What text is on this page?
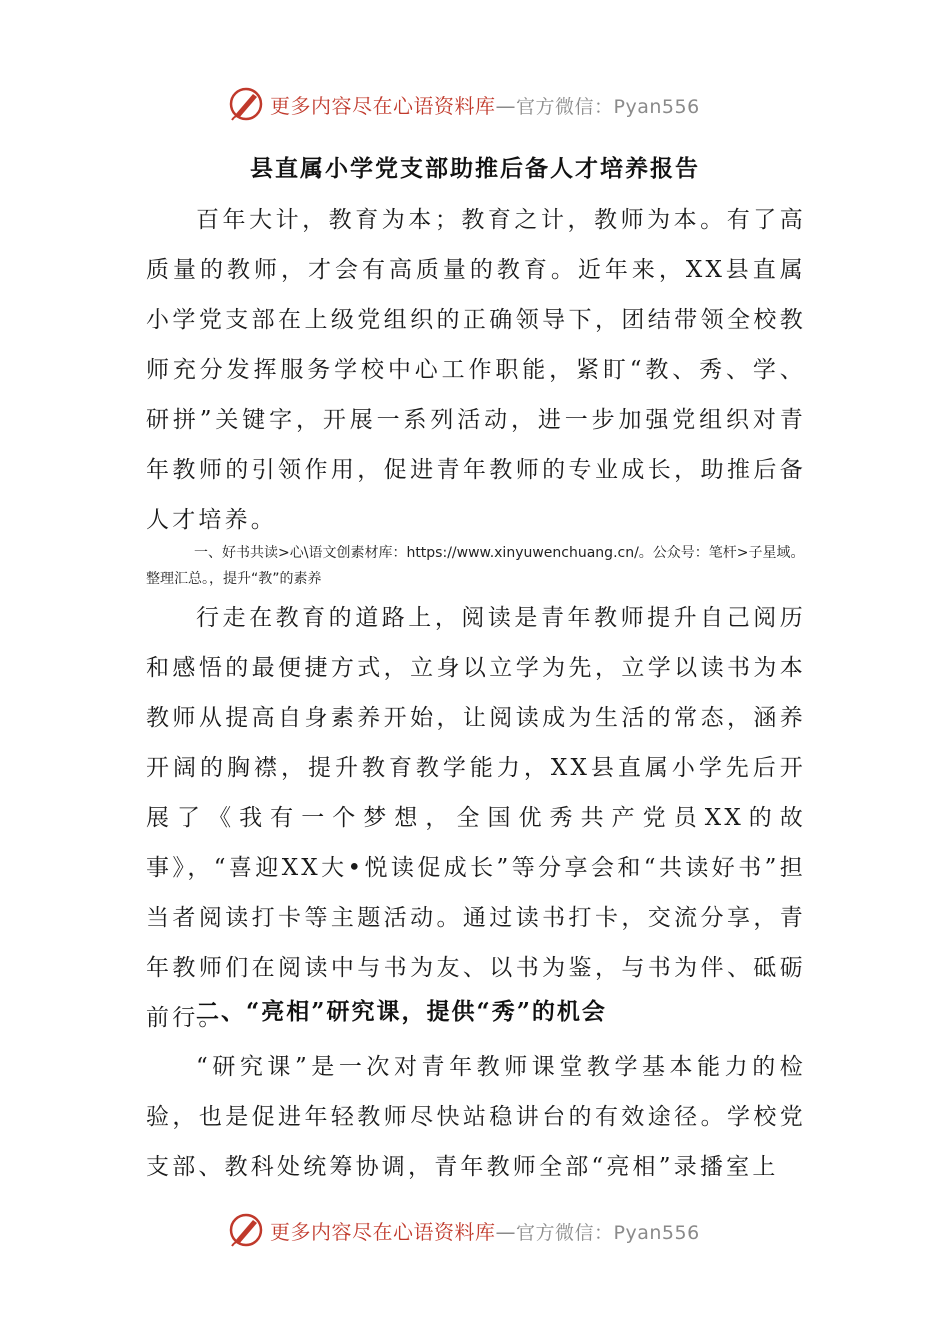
更多内容尽在心语资料库—官方微信：Pyan556
县直属小学党支部助推后备人才培养报告

百年大计，教育为本；教育之计，教师为本。有了高质量的教师，才会有高质量的教育。近年来，XX县直属小学党支部在上级党组织的正确领导下，团结带领全校教师充分发挥服务学校中心工作职能，紧盯“教、秀、学、研拼”关键字，开展一系列活动，进一步加强党组织对青年教师的引领作用，促进青年教师的专业成长，助推后备人才培养。

一、好书共读>心\语文创素材库：https://www.xinyuwenchuang.cn/。公众号：笔杆>子星域。整理汇总。，提升“教”的素养

行走在教育的道路上，阅读是青年教师提升自己阅历和感悟的最便捷方式，立身以立学为先，立学以读书为本教师从提高自身素养开始，让阅读成为生活的常态，涵养开阔的胸襟，提升教育教学能力，XX县直属小学先后开展了《我有一个梦想，全国优秀共产党员XX的故事》，“喜迎XX大•悦读促成长”等分享会和“共读好书”担当者阅读打卡等主题活动。通过读书打卡，交流分享，青年教师们在阅读中与书为友、以书为鉴，与书为伴、砥砺前行。

二、“亮相”研究课，提供“秀”的机会

“研究课”是一次对青年教师课堂教学基本能力的检验，也是促进年轻教师尽快站稳讲台的有效途径。学校党支部、教科处统筹协调，青年教师全部“亮相”录播室上

更多内容尽在心语资料库—官方微信：Pyan556
